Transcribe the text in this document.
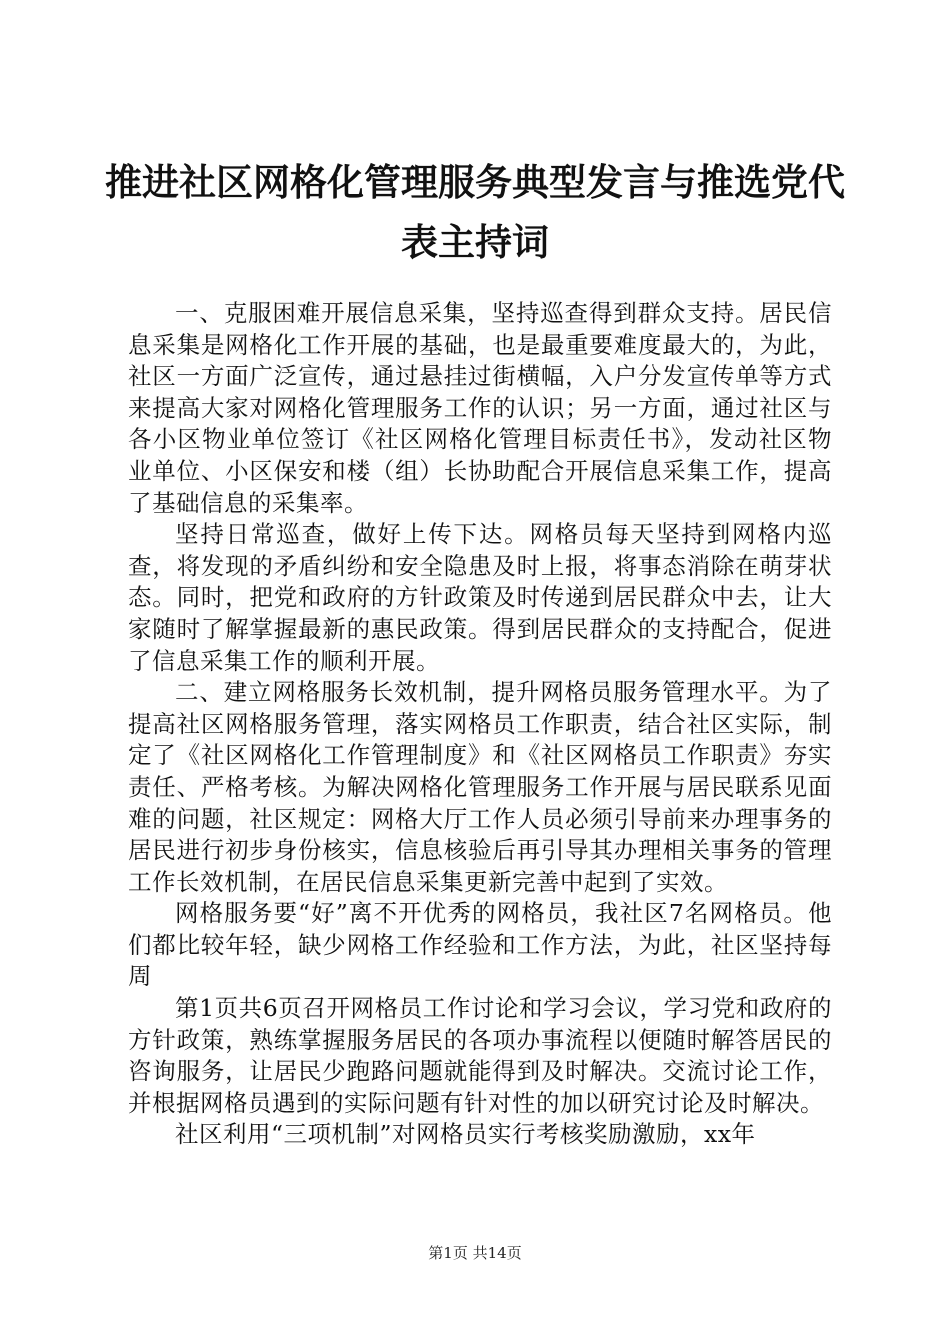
推进社区网格化管理服务典型发言与推选党代
表主持词

一、克服困难开展信息采集，坚持巡查得到群众支持。居民信息采集是网格化工作开展的基础，也是最重要难度最大的，为此，社区一方面广泛宣传，通过悬挂过街横幅，入户分发宣传单等方式来提高大家对网格化管理服务工作的认识；另一方面，通过社区与各小区物业单位签订《社区网格化管理目标责任书》，发动社区物业单位、小区保安和楼（组）长协助配合开展信息采集工作，提高了基础信息的采集率。

坚持日常巡查，做好上传下达。网格员每天坚持到网格内巡查，将发现的矛盾纠纷和安全隐患及时上报，将事态消除在萌芽状态。同时，把党和政府的方针政策及时传递到居民群众中去，让大家随时了解掌握最新的惠民政策。得到居民群众的支持配合，促进了信息采集工作的顺利开展。

二、建立网格服务长效机制，提升网格员服务管理水平。为了提高社区网格服务管理，落实网格员工作职责，结合社区实际，制定了《社区网格化工作管理制度》和《社区网格员工作职责》夯实责任、严格考核。为解决网格化管理服务工作开展与居民联系见面难的问题，社区规定：网格大厅工作人员必须引导前来办理事务的居民进行初步身份核实，信息核验后再引导其办理相关事务的管理工作长效机制，在居民信息采集更新完善中起到了实效。

网格服务要“好”离不开优秀的网格员，我社区7名网格员。他们都比较年轻，缺少网格工作经验和工作方法，为此，社区坚持每周

第1页共6页召开网格员工作讨论和学习会议，学习党和政府的方针政策，熟练掌握服务居民的各项办事流程以便随时解答居民的咨询服务，让居民少跑路问题就能得到及时解决。交流讨论工作，并根据网格员遇到的实际问题有针对性的加以研究讨论及时解决。

社区利用“三项机制”对网格员实行考核奖励激励，xx年

第1页 共14页
